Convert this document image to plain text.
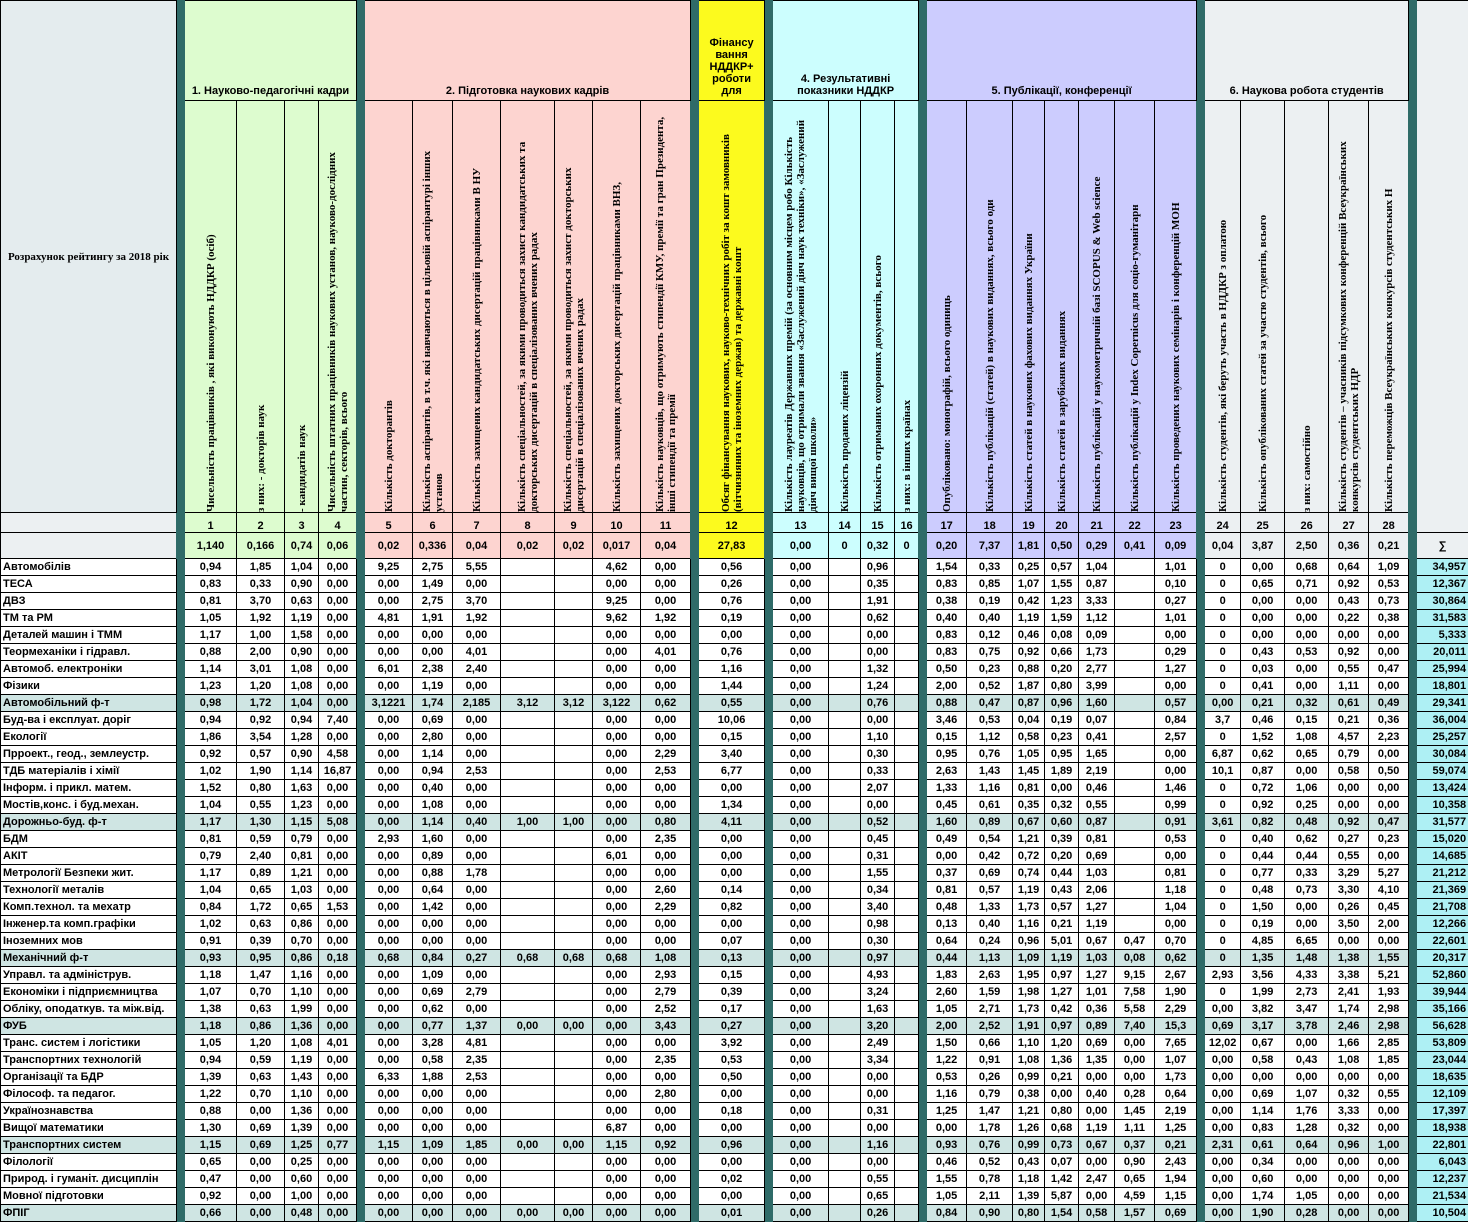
Розрахунок рейтингу за 2018 рік		1. Науково-педагогічні кадри					2. Підготовка наукових кадрів								Фінансу вання НДДКР+ роботи для		4. Результативні показники НДДКР					5. Публікації, конференції								6. Наукова робота студентів						

		Чисельність працівників , які виконують НДДКР (осіб)	з них: - докторів наук	- кандидатів наук	Чисельність штатних працівників наукових установ, науково-дослідних частин, секторів, всього		Кількість докторантів	Кількість аспірантів, в т.ч. які навчаються в цільовій аспірантурі інших установ	Кількість захищених кандидатських дисертацій працівниками В НУ	Кількість спеціальностей, за якими проводиться захист кандидатських та докторських дисертацій в спеціалізованих вчених радах	Кількість спеціальностей, за якими проводиться захист докторських дисертацій в спеціалізованих вчених радах	Кількість захищених докторських дисертацій працівниками ВНЗ,	Кількість науковців, що отримують стипендії КМУ, премії та гран Президента, інші стипендії та премії		Обсяг фінансування наукових, науково-технічних робіт за кошт замовників (вітчизняних та іноземних держав) та державні кошт		Кількість лауреатів Державних премій (за основним місцем робо Кількість науковців, що отримали звання «Заслужений діяч наук техніки», «Заслужений діяч вищої школи»	Кількість проданих ліцензій	Кількість отриманих охоронних документів, всього	з них: в інших країнах		Опубліковано: монографій, всього одиниць	Кількість публікацій (статей) в наукових виданнях, всього оди	Кількість статей в наукових фахових виданнях України	Кількість статей в зарубіжних виданнях	Кількість публікацій у наукометричній базі SCOPUS & Web science	Кількість публікацій у Index Copernicus для соціо-гуманітарн	Кількість проведених наукових семінарів і конференцій МОН		Кількість студентів, які беруть участь в НДДКР з оплатою	Кількість опублікованих статей за участю студентів, всього	з них: самостійно	Кількість студентів – учасників підсумкових конференцій Всеукраїнських конкурсів студентських НДР	Кількість переможців Всеукраїнських конкурсів студентських Н		

		1	2	3	4		5	6	7	8	9	10	11		12		13	14	15	16		17	18	19	20	21	22	23		24	25	26	27	28		
		1,140	0,166	0,74	0,06		0,02	0,336	0,04	0,02	0,02	0,017	0,04		27,83		0,00	0	0,32	0		0,20	7,37	1,81	0,50	0,29	0,41	0,09		0,04	3,87	2,50	0,36	0,21		∑
Автомобілів		0,94	1,85	1,04	0,00		9,25	2,75	5,55			4,62	0,00		0,56		0,00		0,96			1,54	0,33	0,25	0,57	1,04		1,01		0	0,00	0,68	0,64	1,09		34,957
ТЕСА		0,83	0,33	0,90	0,00		0,00	1,49	0,00			0,00	0,00		0,26		0,00		0,35			0,83	0,85	1,07	1,55	0,87		0,10		0	0,65	0,71	0,92	0,53		12,367
ДВЗ		0,81	3,70	0,63	0,00		0,00	2,75	3,70			9,25	0,00		0,76		0,00		1,91			0,38	0,19	0,42	1,23	3,33		0,27		0	0,00	0,00	0,43	0,73		30,864
ТМ та РМ		1,05	1,92	1,19	0,00		4,81	1,91	1,92			9,62	1,92		0,19		0,00		0,62			0,40	0,40	1,19	1,59	1,12		1,01		0	0,00	0,00	0,22	0,38		31,583
Деталей машин і ТММ		1,17	1,00	1,58	0,00		0,00	0,00	0,00			0,00	0,00		0,00		0,00		0,00			0,83	0,12	0,46	0,08	0,09		0,00		0	0,00	0,00	0,00	0,00		5,333
Теормеханіки і гідравл.		0,88	2,00	0,90	0,00		0,00	0,00	4,01			0,00	4,01		0,76		0,00		0,00			0,83	0,75	0,92	0,66	1,73		0,29		0	0,43	0,53	0,92	0,00		20,011
Автомоб. електроніки		1,14	3,01	1,08	0,00		6,01	2,38	2,40			0,00	0,00		1,16		0,00		1,32			0,50	0,23	0,88	0,20	2,77		1,27		0	0,03	0,00	0,55	0,47		25,994
Фізики		1,23	1,20	1,08	0,00		0,00	1,19	0,00			0,00	0,00		1,44		0,00		1,24			2,00	0,52	1,87	0,80	3,99		0,00		0	0,41	0,00	1,11	0,00		18,801
Автомобільний ф-т		0,98	1,72	1,04	0,00		3,1221	1,74	2,185	3,12	3,12	3,122	0,62		0,55		0,00		0,76			0,88	0,47	0,87	0,96	1,60		0,57		0,00	0,21	0,32	0,61	0,49		29,341
Буд-ва і експлуат. доріг		0,94	0,92	0,94	7,40		0,00	0,69	0,00			0,00	0,00		10,06		0,00		0,00			3,46	0,53	0,04	0,19	0,07		0,84		3,7	0,46	0,15	0,21	0,36		36,004
Екології		1,86	3,54	1,28	0,00		0,00	2,80	0,00			0,00	0,00		0,15		0,00		1,10			0,15	1,12	0,58	0,23	0,41		2,57		0	1,52	1,08	4,57	2,23		25,257
Прроект., геод., землеустр.		0,92	0,57	0,90	4,58		0,00	1,14	0,00			0,00	2,29		3,40		0,00		0,30			0,95	0,76	1,05	0,95	1,65		0,00		6,87	0,62	0,65	0,79	0,00		30,084
ТДБ матеріалів і хімії		1,02	1,90	1,14	16,87		0,00	0,94	2,53			0,00	2,53		6,77		0,00		0,33			2,63	1,43	1,45	1,89	2,19		0,00		10,1	0,87	0,00	0,58	0,50		59,074
Інформ. і прикл. матем.		1,52	0,80	1,63	0,00		0,00	0,40	0,00			0,00	0,00		0,00		0,00		2,07			1,33	1,16	0,81	0,00	0,46		1,46		0	0,72	1,06	0,00	0,00		13,424
Мостів,конс. і буд.механ.		1,04	0,55	1,23	0,00		0,00	1,08	0,00			0,00	0,00		1,34		0,00		0,00			0,45	0,61	0,35	0,32	0,55		0,99		0	0,92	0,25	0,00	0,00		10,358
Дорожньо-буд. ф-т		1,17	1,30	1,15	5,08		0,00	1,14	0,40	1,00	1,00	0,00	0,80		4,11		0,00		0,52			1,60	0,89	0,67	0,60	0,87		0,91		3,61	0,82	0,48	0,92	0,47		31,577
БДМ		0,81	0,59	0,79	0,00		2,93	1,60	0,00			0,00	2,35		0,00		0,00		0,45			0,49	0,54	1,21	0,39	0,81		0,53		0	0,40	0,62	0,27	0,23		15,020
АКІТ		0,79	2,40	0,81	0,00		0,00	0,89	0,00			6,01	0,00		0,00		0,00		0,31			0,00	0,42	0,72	0,20	0,69		0,00		0	0,44	0,44	0,55	0,00		14,685
Метрології Безпеки жит.		1,17	0,89	1,21	0,00		0,00	0,88	1,78			0,00	0,00		0,00		0,00		1,55			0,37	0,69	0,74	0,44	1,03		0,81		0	0,77	0,33	3,29	5,27		21,212
Технології металів		1,04	0,65	1,03	0,00		0,00	0,64	0,00			0,00	2,60		0,14		0,00		0,34			0,81	0,57	1,19	0,43	2,06		1,18		0	0,48	0,73	3,30	4,10		21,369
Комп.технол. та мехатр		0,84	1,72	0,65	1,53		0,00	1,42	0,00			0,00	2,29		0,82		0,00		3,40			0,48	1,33	1,73	0,57	1,27		1,04		0	1,50	0,00	0,26	0,45		21,708
Інженер.та комп.графіки		1,02	0,63	0,86	0,00		0,00	0,00	0,00			0,00	0,00		0,00		0,00		0,98			0,13	0,40	1,16	0,21	1,19		0,00		0	0,19	0,00	3,50	2,00		12,266
Іноземних мов		0,91	0,39	0,70	0,00		0,00	0,00	0,00			0,00	0,00		0,07		0,00		0,30			0,64	0,24	0,96	5,01	0,67	0,47	0,70		0	4,85	6,65	0,00	0,00		22,601
Механічний ф-т		0,93	0,95	0,86	0,18		0,68	0,84	0,27	0,68	0,68	0,68	1,08		0,13		0,00		0,97			0,44	1,13	1,09	1,19	1,03	0,08	0,62		0	1,35	1,48	1,38	1,55		20,317
Управл. та адмініструв.		1,18	1,47	1,16	0,00		0,00	1,09	0,00			0,00	2,93		0,15		0,00		4,93			1,83	2,63	1,95	0,97	1,27	9,15	2,67		2,93	3,56	4,33	3,38	5,21		52,860
Економіки і підприємництва		1,07	0,70	1,10	0,00		0,00	0,69	2,79			0,00	2,79		0,39		0,00		3,24			2,60	1,59	1,98	1,27	1,01	7,58	1,90		0	1,99	2,73	2,41	1,93		39,944
Обліку, оподаткув. та між.від.		1,38	0,63	1,99	0,00		0,00	0,62	0,00			0,00	2,52		0,17		0,00		1,63			1,05	2,71	1,73	0,42	0,36	5,58	2,29		0,00	3,82	3,47	1,74	2,98		35,166
ФУБ		1,18	0,86	1,36	0,00		0,00	0,77	1,37	0,00	0,00	0,00	3,43		0,27		0,00		3,20			2,00	2,52	1,91	0,97	0,89	7,40	15,3		0,69	3,17	3,78	2,46	2,98		56,628
Транс. систем і логістики		1,05	1,20	1,08	4,01		0,00	3,28	4,81			0,00	0,00		3,92		0,00		2,49			1,50	0,66	1,10	1,20	0,69	0,00	7,65		12,02	0,67	0,00	1,66	2,85		53,809
Транспортних технологій		0,94	0,59	1,19	0,00		0,00	0,58	2,35			0,00	2,35		0,53		0,00		3,34			1,22	0,91	1,08	1,36	1,35	0,00	1,07		0,00	0,58	0,43	1,08	1,85		23,044
Організації та БДР		1,39	0,63	1,43	0,00		6,33	1,88	2,53			0,00	0,00		0,50		0,00		0,00			0,53	0,26	0,99	0,21	0,00	0,00	1,73		0,00	0,00	0,00	0,00	0,00		18,635
Філософ. та педагог.		1,22	0,70	1,10	0,00		0,00	0,00	0,00			0,00	2,80		0,00		0,00		0,00			1,16	0,79	0,38	0,00	0,40	0,28	0,64		0,00	0,69	1,07	0,32	0,55		12,109
Українознавства		0,88	0,00	1,36	0,00		0,00	0,00	0,00			0,00	0,00		0,18		0,00		0,31			1,25	1,47	1,21	0,80	0,00	1,45	2,19		0,00	1,14	1,76	3,33	0,00		17,397
Вищої математики		1,30	0,69	1,39	0,00		0,00	0,00	0,00			6,87	0,00		0,00		0,00		0,00			0,00	1,78	1,26	0,68	1,19	1,11	1,25		0,00	0,83	1,28	0,32	0,00		18,938
Транспортних систем		1,15	0,69	1,25	0,77		1,15	1,09	1,85	0,00	0,00	1,15	0,92		0,96		0,00		1,16			0,93	0,76	0,99	0,73	0,67	0,37	0,21		2,31	0,61	0,64	0,96	1,00		22,801
Філології		0,65	0,00	0,25	0,00		0,00	0,00	0,00			0,00	0,00		0,00		0,00		0,00			0,46	0,52	0,43	0,07	0,00	0,90	2,43		0,00	0,34	0,00	0,00	0,00		6,043
Природ. і гуманіт. дисциплін		0,47	0,00	0,60	0,00		0,00	0,00	0,00			0,00	0,00		0,02		0,00		0,55			1,55	0,78	1,18	1,42	2,47	0,65	1,94		0,00	0,60	0,00	0,00	0,00		12,237
Мовної підготовки		0,92	0,00	1,00	0,00		0,00	0,00	0,00			0,00	0,00		0,00		0,00		0,65			1,05	2,11	1,39	5,87	0,00	4,59	1,15		0,00	1,74	1,05	0,00	0,00		21,534
ФПІГ		0,66	0,00	0,48	0,00		0,00	0,00	0,00	0,00	0,00	0,00	0,00		0,01		0,00		0,26			0,84	0,90	0,80	1,54	0,58	1,57	0,69		0,00	1,90	0,28	0,00	0,00		10,504
